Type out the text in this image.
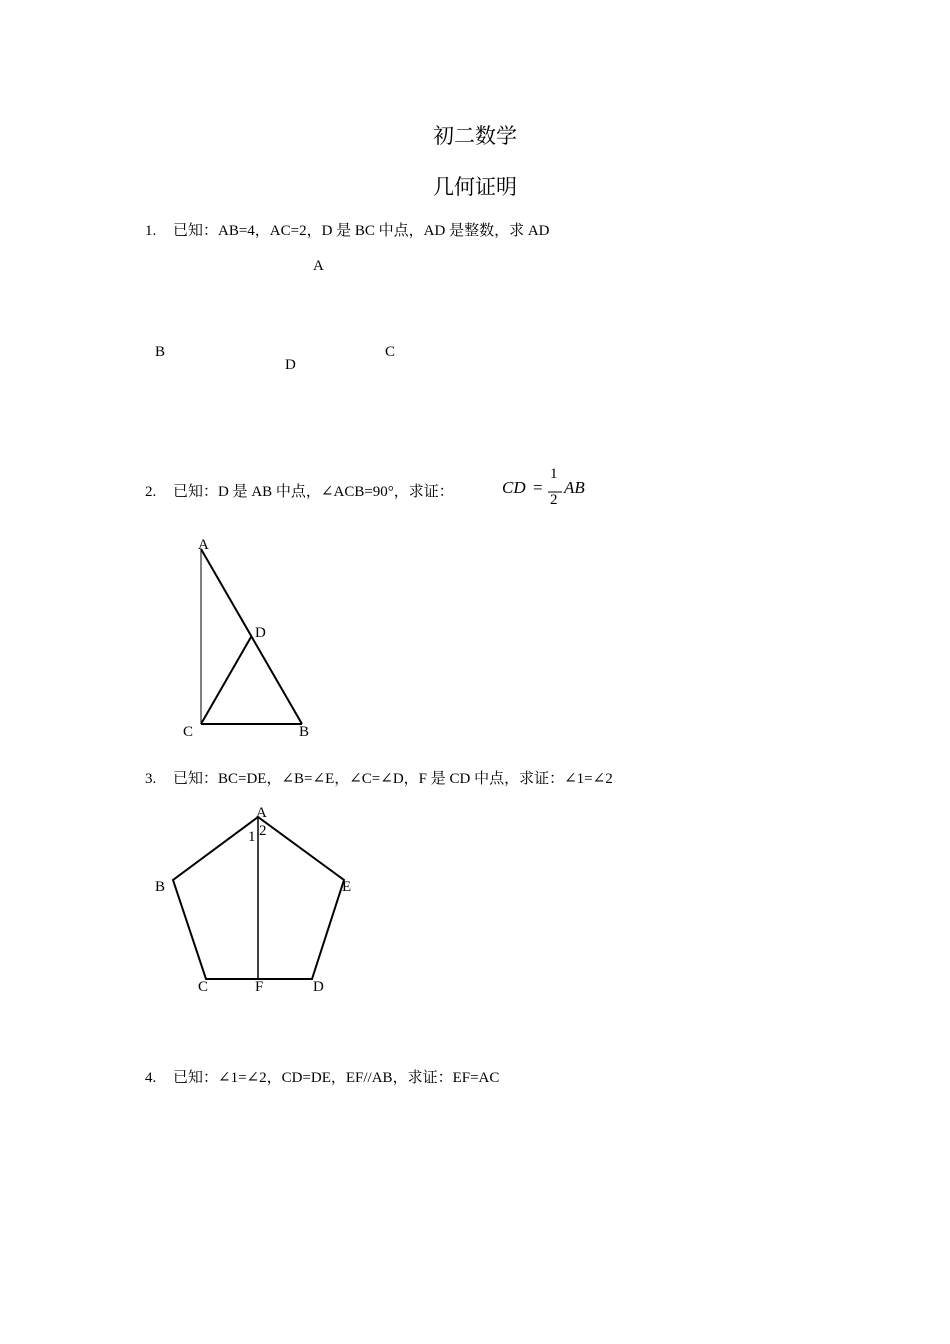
初二数学
几何证明
1. 已知：AB=4，AC=2，D 是 BC 中点，AD 是整数，求 AD
A
B	C
D
2. 已知：D 是 AB 中点，∠ACB=90°，求证：	CD =
1
2
AB
A
D
C	B
3. 已知：BC=DE，∠B=∠E，∠C=∠D，F 是 CD 中点，求证：∠1=∠2
A
1 2
B	E
C	F	D
4. 已知：∠1=∠2，CD=DE，EF//AB，求证：EF=AC
